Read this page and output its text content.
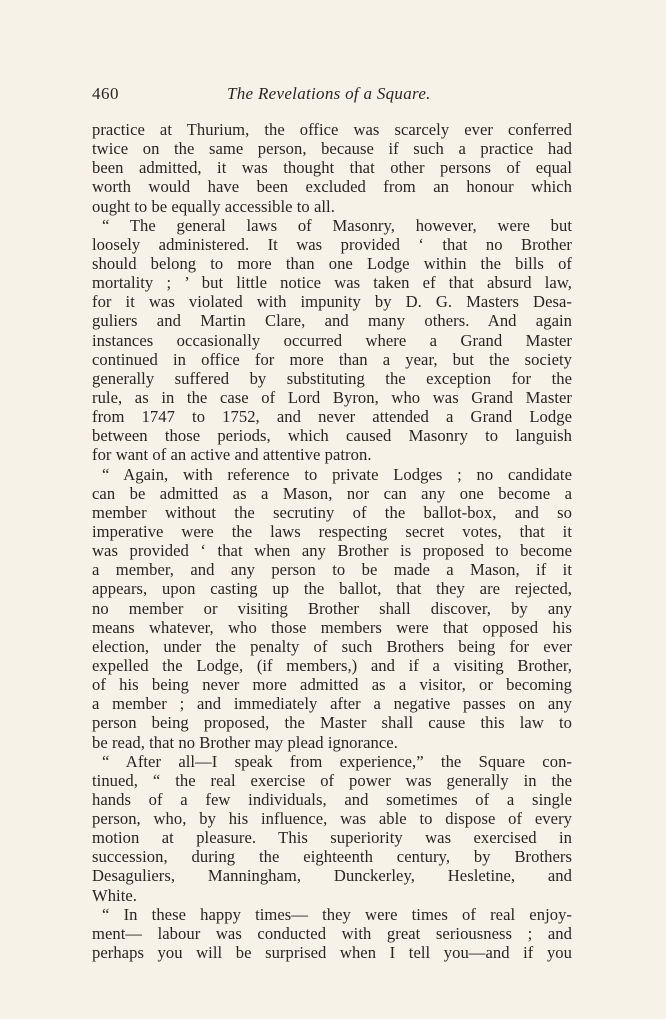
460	The Revelations of a Square.
practice at Thurium, the office was scarcely ever conferred
twice on the same person, because if such a practice had
been admitted, it was thought that other persons of equal
worth would have been excluded from an honour which
ought to be equally accessible to all.
“ The general laws of Masonry, however, were but
loosely administered. It was provided ‘ that no Brother
should belong to more than one Lodge within the bills of
mortality ; ’ but little notice was taken ef that absurd law,
for it was violated with impunity by D. G. Masters Desa-
guliers and Martin Clare, and many others. And again
instances occasionally occurred where a Grand Master
continued in office for more than a year, but the society
generally suffered by substituting the exception for the
rule, as in the case of Lord Byron, who was Grand Master
from 1747 to 1752, and never attended a Grand Lodge
between those periods, which caused Masonry to languish
for want of an active and attentive patron.
“ Again, with reference to private Lodges ; no candidate
can be admitted as a Mason, nor can any one become a
member without the secrutiny of the ballot-box, and so
imperative were the laws respecting secret votes, that it
was provided ‘ that when any Brother is proposed to become
a member, and any person to be made a Mason, if it
appears, upon casting up the ballot, that they are rejected,
no member or visiting Brother shall discover, by any
means whatever, who those members were that opposed his
election, under the penalty of such Brothers being for ever
expelled the Lodge, (if members,) and if a visiting Brother,
of his being never more admitted as a visitor, or becoming
a member ; and immediately after a negative passes on any
person being proposed, the Master shall cause this law to
be read, that no Brother may plead ignorance.
“ After all—I speak from experience,” the Square con-
tinued, “ the real exercise of power was generally in the
hands of a few individuals, and sometimes of a single
person, who, by his influence, was able to dispose of every
motion at pleasure. This superiority was exercised in
succession, during the eighteenth century, by Brothers
Desaguliers, Manningham, Dunckerley, Hesletine, and
White.
“ In these happy times— they were times of real enjoy-
ment— labour was conducted with great seriousness ; and
perhaps you will be surprised when I tell you—and if you
